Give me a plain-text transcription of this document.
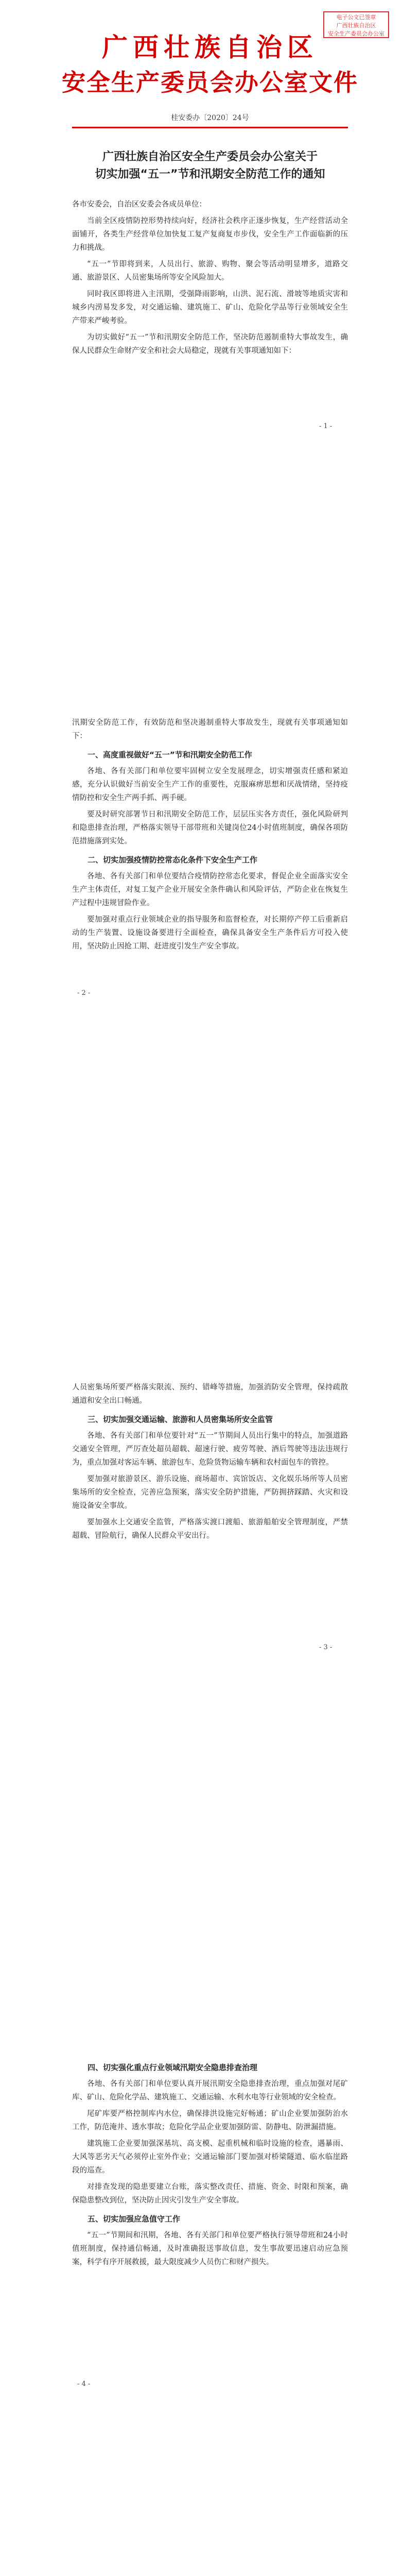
电子公文已签章
广西壮族自治区
安全生产委员会办公室
广西壮族自治区
安全生产委员会办公室文件
桂安委办〔2020〕24号
广西壮族自治区安全生产委员会办公室关于
切实加强“五一”节和汛期安全防范工作的通知

各市安委会，自治区安委会各成员单位：

当前全区疫情防控形势持续向好，经济社会秩序正逐步恢复，生产经营活动全面铺开，各类生产经营单位加快复工复产复商复市步伐，安全生产工作面临新的压力和挑战。

“五一”节即将到来，人员出行、旅游、购物、聚会等活动明显增多，道路交通、旅游景区、人员密集场所等安全风险加大。

同时我区即将进入主汛期，受强降雨影响，山洪、泥石流、滑坡等地质灾害和城乡内涝易发多发，对交通运输、建筑施工、矿山、危险化学品等行业领域安全生产带来严峻考验。

为切实做好“五一”节和汛期安全防范工作，坚决防范遏制重特大事故发生，确保人民群众生命财产安全和社会大局稳定，现就有关事项通知如下：

- 1 -

汛期安全防范工作，有效防范和坚决遏制重特大事故发生，现就有关事项通知如下：

一、高度重视做好“五一”节和汛期安全防范工作

各地、各有关部门和单位要牢固树立安全发展理念，切实增强责任感和紧迫感，充分认识做好当前安全生产工作的重要性，克服麻痹思想和厌战情绪，坚持疫情防控和安全生产两手抓、两手硬。

要及时研究部署节日和汛期安全防范工作，层层压实各方责任，强化风险研判和隐患排查治理，严格落实领导干部带班和关键岗位24小时值班制度，确保各项防范措施落到实处。

二、切实加强疫情防控常态化条件下安全生产工作

各地、各有关部门和单位要结合疫情防控常态化要求，督促企业全面落实安全生产主体责任，对复工复产企业开展安全条件确认和风险评估，严防企业在恢复生产过程中违规冒险作业。

要加强对重点行业领域企业的指导服务和监督检查，对长期停产停工后重新启动的生产装置、设施设备要进行全面检查，确保具备安全生产条件后方可投入使用，坚决防止因抢工期、赶进度引发生产安全事故。

- 2 -

人员密集场所要严格落实限流、预约、错峰等措施，加强消防安全管理，保持疏散通道和安全出口畅通。

三、切实加强交通运输、旅游和人员密集场所安全监管

各地、各有关部门和单位要针对“五一”节期间人员出行集中的特点，加强道路交通安全管理，严厉查处超员超载、超速行驶、疲劳驾驶、酒后驾驶等违法违规行为，重点加强对客运车辆、旅游包车、危险货物运输车辆和农村面包车的管控。

要加强对旅游景区、游乐设施、商场超市、宾馆饭店、文化娱乐场所等人员密集场所的安全检查，完善应急预案，落实安全防护措施，严防拥挤踩踏、火灾和设施设备安全事故。

要加强水上交通安全监管，严格落实渡口渡船、旅游船舶安全管理制度，严禁超载、冒险航行，确保人民群众平安出行。

- 3 -
四、切实强化重点行业领域汛期安全隐患排查治理

各地、各有关部门和单位要认真开展汛期安全隐患排查治理，重点加强对尾矿库、矿山、危险化学品、建筑施工、交通运输、水利水电等行业领域的安全检查。

尾矿库要严格控制库内水位，确保排洪设施完好畅通；矿山企业要加强防治水工作，防范淹井、透水事故；危险化学品企业要加强防雷、防静电、防泄漏措施。

建筑施工企业要加强深基坑、高支模、起重机械和临时设施的检查，遇暴雨、大风等恶劣天气必须停止室外作业；交通运输部门要加强对桥梁隧道、临水临崖路段的巡查。

对排查发现的隐患要建立台账，落实整改责任、措施、资金、时限和预案，确保隐患整改到位，坚决防止因灾引发生产安全事故。

五、切实加强应急值守工作

“五一”节期间和汛期，各地、各有关部门和单位要严格执行领导带班和24小时值班制度，保持通信畅通，及时准确报送事故信息，发生事故要迅速启动应急预案，科学有序开展救援，最大限度减少人员伤亡和财产损失。

- 4 -
